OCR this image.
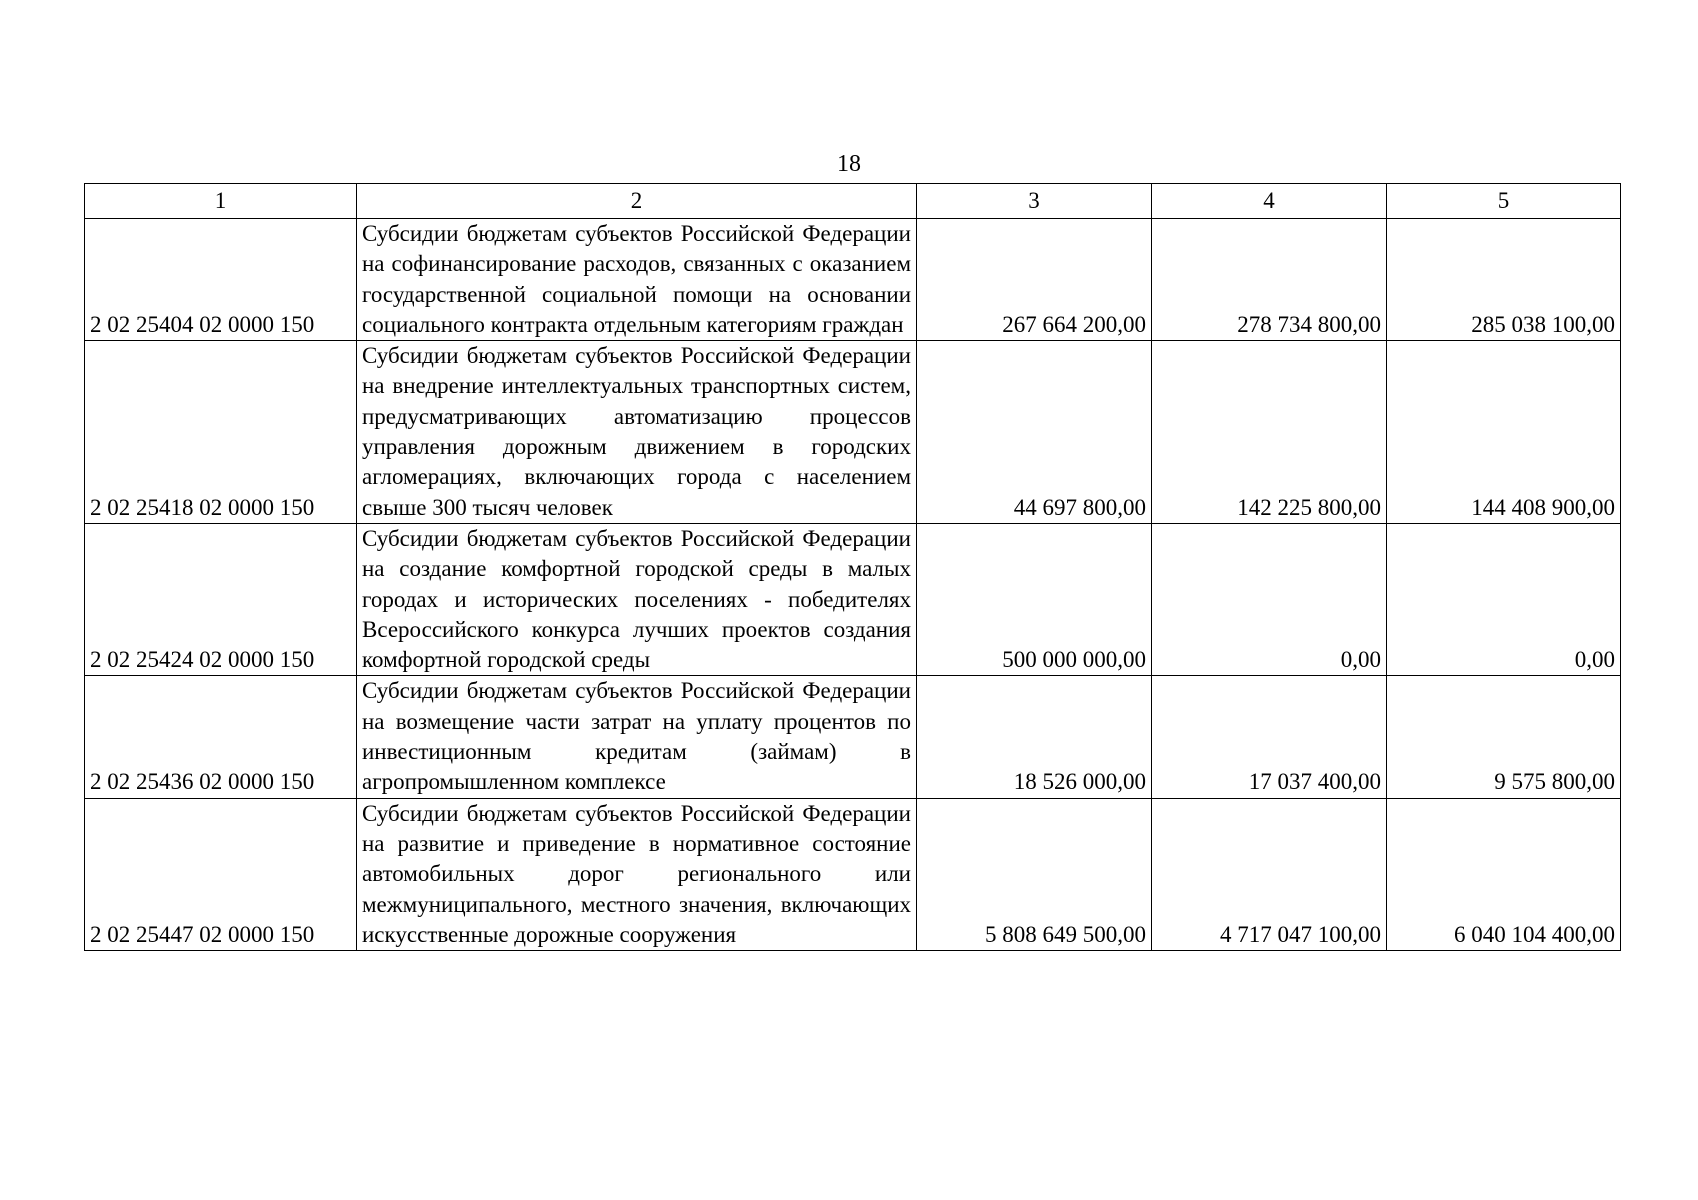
18
1	2	3	4	5
2 02 25404 02 0000 150	Субсидии бюджетам субъектов Российской Федерации на софинансирование расходов, связанных с оказанием государственной социальной помощи на основании социального контракта отдельным категориям граждан	267 664 200,00	278 734 800,00	285 038 100,00
2 02 25418 02 0000 150	Субсидии бюджетам субъектов Российской Федерации на внедрение интеллектуальных транспортных систем, предусматривающих автоматизацию процессов управления дорожным движением в городских агломерациях, включающих города с населением свыше 300 тысяч человек	44 697 800,00	142 225 800,00	144 408 900,00
2 02 25424 02 0000 150	Субсидии бюджетам субъектов Российской Федерации на создание комфортной городской среды в малых городах и исторических поселениях - победителях Всероссийского конкурса лучших проектов создания комфортной городской среды	500 000 000,00	0,00	0,00
2 02 25436 02 0000 150	Субсидии бюджетам субъектов Российской Федерации на возмещение части затрат на уплату процентов по инвестиционным кредитам (займам) в агропромышленном комплексе	18 526 000,00	17 037 400,00	9 575 800,00
2 02 25447 02 0000 150	Субсидии бюджетам субъектов Российской Федерации на развитие и приведение в нормативное состояние автомобильных дорог регионального или межмуниципального, местного значения, включающих искусственные дорожные сооружения	5 808 649 500,00	4 717 047 100,00	6 040 104 400,00
